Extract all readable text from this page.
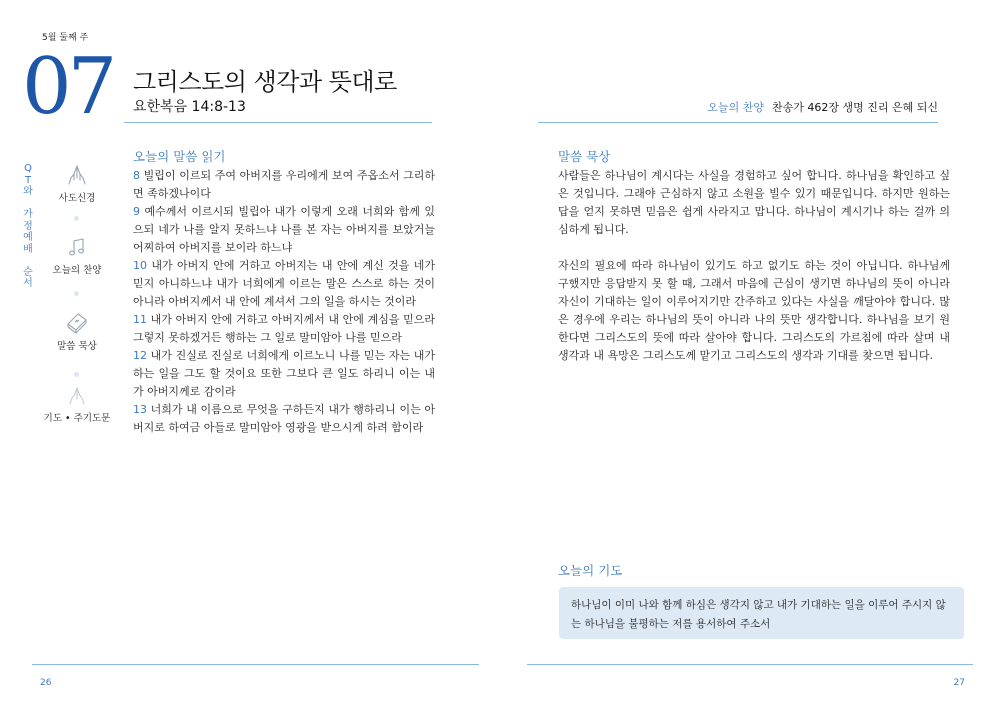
5월 둘째 주
07 그리스도의 생각과 뜻대로
요한복음 14:8-13	오늘의 찬양 찬송가 462장 생명 진리 은혜 되신
Q
T
와

가
정
예
배

순
서
사도신경
오늘의 찬양
말씀 묵상
기도 • 주기도문
오늘의 말씀 읽기
8 빌립이 이르되 주여 아버지를 우리에게 보여 주옵소서 그리하면 족하겠나이다
9 예수께서 이르시되 빌립아 내가 이렇게 오래 너희와 함께 있으되 네가 나를 알지 못하느냐 나를 본 자는 아버지를 보았거늘 어찌하여 아버지를 보이라 하느냐
10 내가 아버지 안에 거하고 아버지는 내 안에 계신 것을 네가 믿지 아니하느냐 내가 너희에게 이르는 말은 스스로 하는 것이 아니라 아버지께서 내 안에 계셔서 그의 일을 하시는 것이라
11 내가 아버지 안에 거하고 아버지께서 내 안에 계심을 믿으라 그렇지 못하겠거든 행하는 그 일로 말미암아 나를 믿으라
12 내가 진실로 진실로 너희에게 이르노니 나를 믿는 자는 내가 하는 일을 그도 할 것이요 또한 그보다 큰 일도 하리니 이는 내가 아버지께로 감이라
13 너희가 내 이름으로 무엇을 구하든지 내가 행하리니 이는 아버지로 하여금 아들로 말미암아 영광을 받으시게 하려 함이라
말씀 묵상

사람들은 하나님이 계시다는 사실을 경험하고 싶어 합니다. 하나님을 확인하고 싶은 것입니다. 그래야 근심하지 않고 소원을 빌수 있기 때문입니다. 하지만 원하는 답을 얻지 못하면 믿음은 쉽게 사라지고 맙니다. 하나님이 계시기나 하는 걸까 의심하게 됩니다.

자신의 필요에 따라 하나님이 있기도 하고 없기도 하는 것이 아닙니다. 하나님께 구했지만 응답받지 못 할 때, 그래서 마음에 근심이 생기면 하나님의 뜻이 아니라 자신이 기대하는 일이 이루어지기만 간주하고 있다는 사실을 깨달아야 합니다. 많은 경우에 우리는 하나님의 뜻이 아니라 나의 뜻만 생각합니다. 하나님을 보기 원한다면 그리스도의 뜻에 따라 살아야 합니다. 그리스도의 가르침에 따라 살며 내 생각과 내 욕망은 그리스도께 맡기고 그리스도의 생각과 기대를 찾으면 됩니다.

오늘의 기도
하나님이 이미 나와 함께 하심은 생각지 않고 내가 기대하는 일을 이루어 주시지 않는 하나님을 불평하는 저를 용서하여 주소서
26	27
